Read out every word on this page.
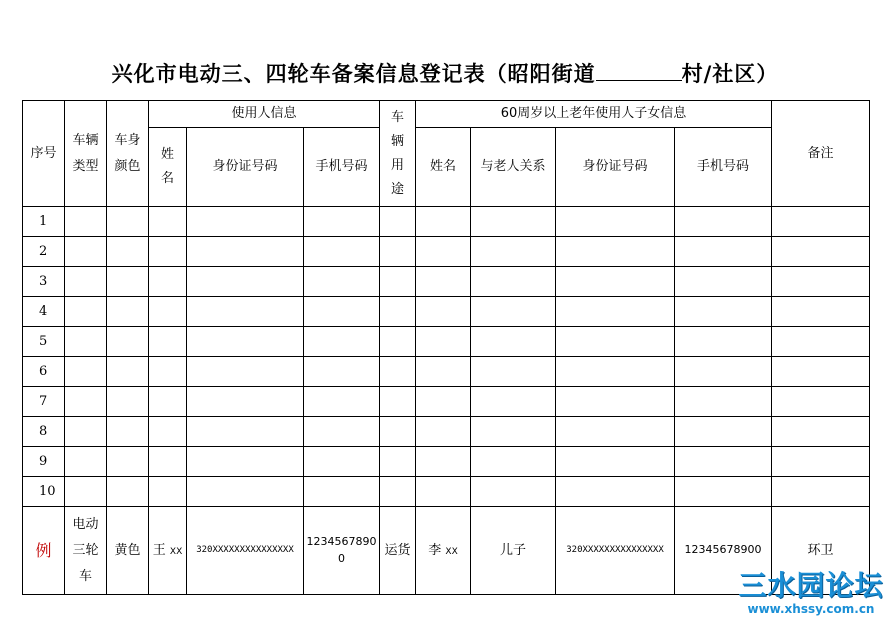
兴化市电动三、四轮车备案信息登记表（昭阳街道	村/社区）
序号	车辆类型	车身颜色	使用人信息			车辆用途	60周岁以上老年使用人子女信息				备注
			姓名	身份证号码	手机号码		姓名	与老人关系	身份证号码	手机号码	
1											
2											
3											
4											
5											
6											
7											
8											
9											
10											
例	电动三轮车	黄色	王 XX	320XXXXXXXXXXXXXXX	12345678900	运货	李 XX	儿子	320XXXXXXXXXXXXXXX	12345678900	环卫
三水园论坛
www.xhssy.com.cn
